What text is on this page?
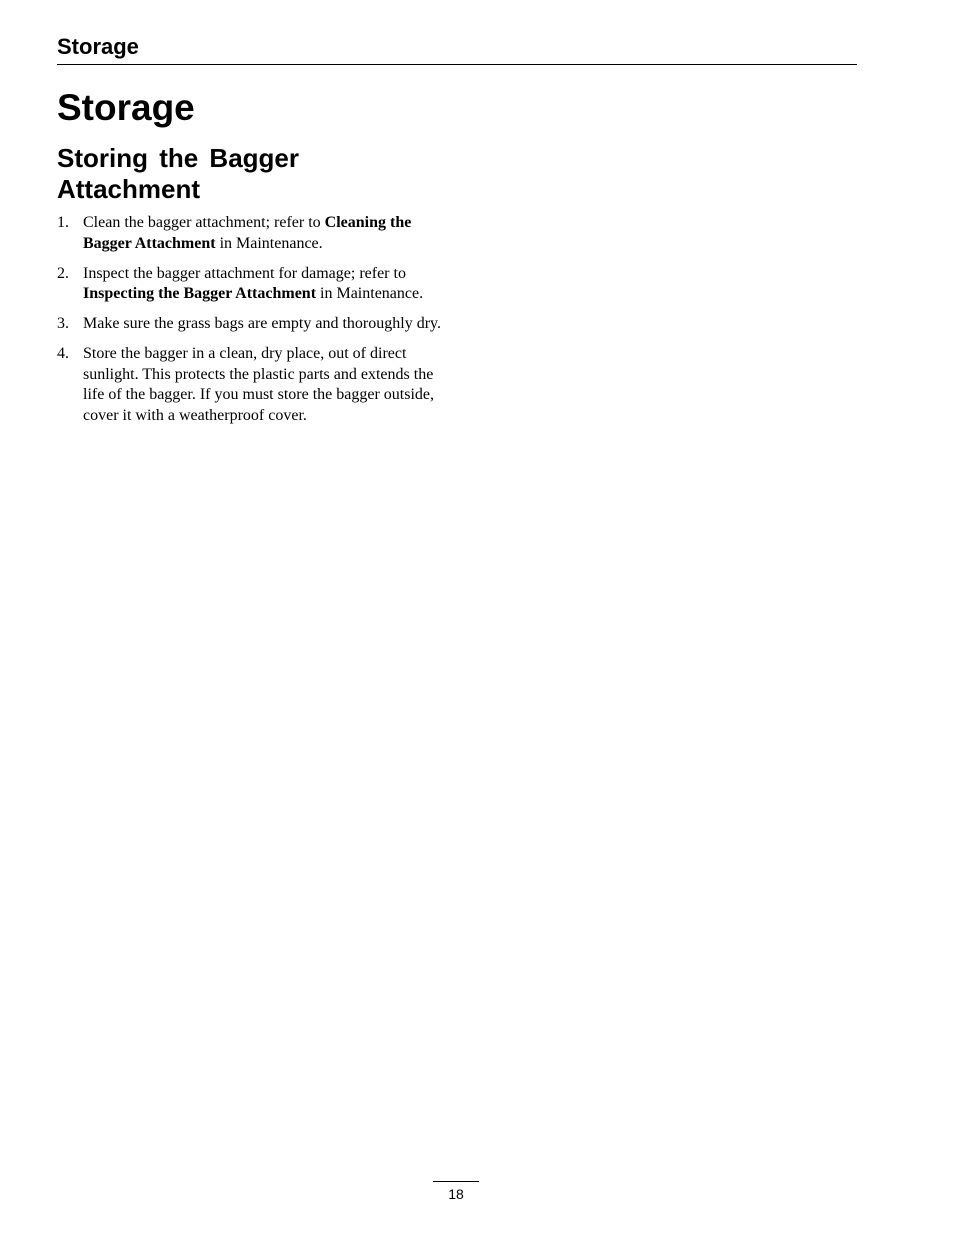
Storage
Storage
Storing the Bagger Attachment
1. Clean the bagger attachment; refer to Cleaning the Bagger Attachment in Maintenance.
2. Inspect the bagger attachment for damage; refer to Inspecting the Bagger Attachment in Maintenance.
3. Make sure the grass bags are empty and thoroughly dry.
4. Store the bagger in a clean, dry place, out of direct sunlight. This protects the plastic parts and extends the life of the bagger. If you must store the bagger outside, cover it with a weatherproof cover.
18
